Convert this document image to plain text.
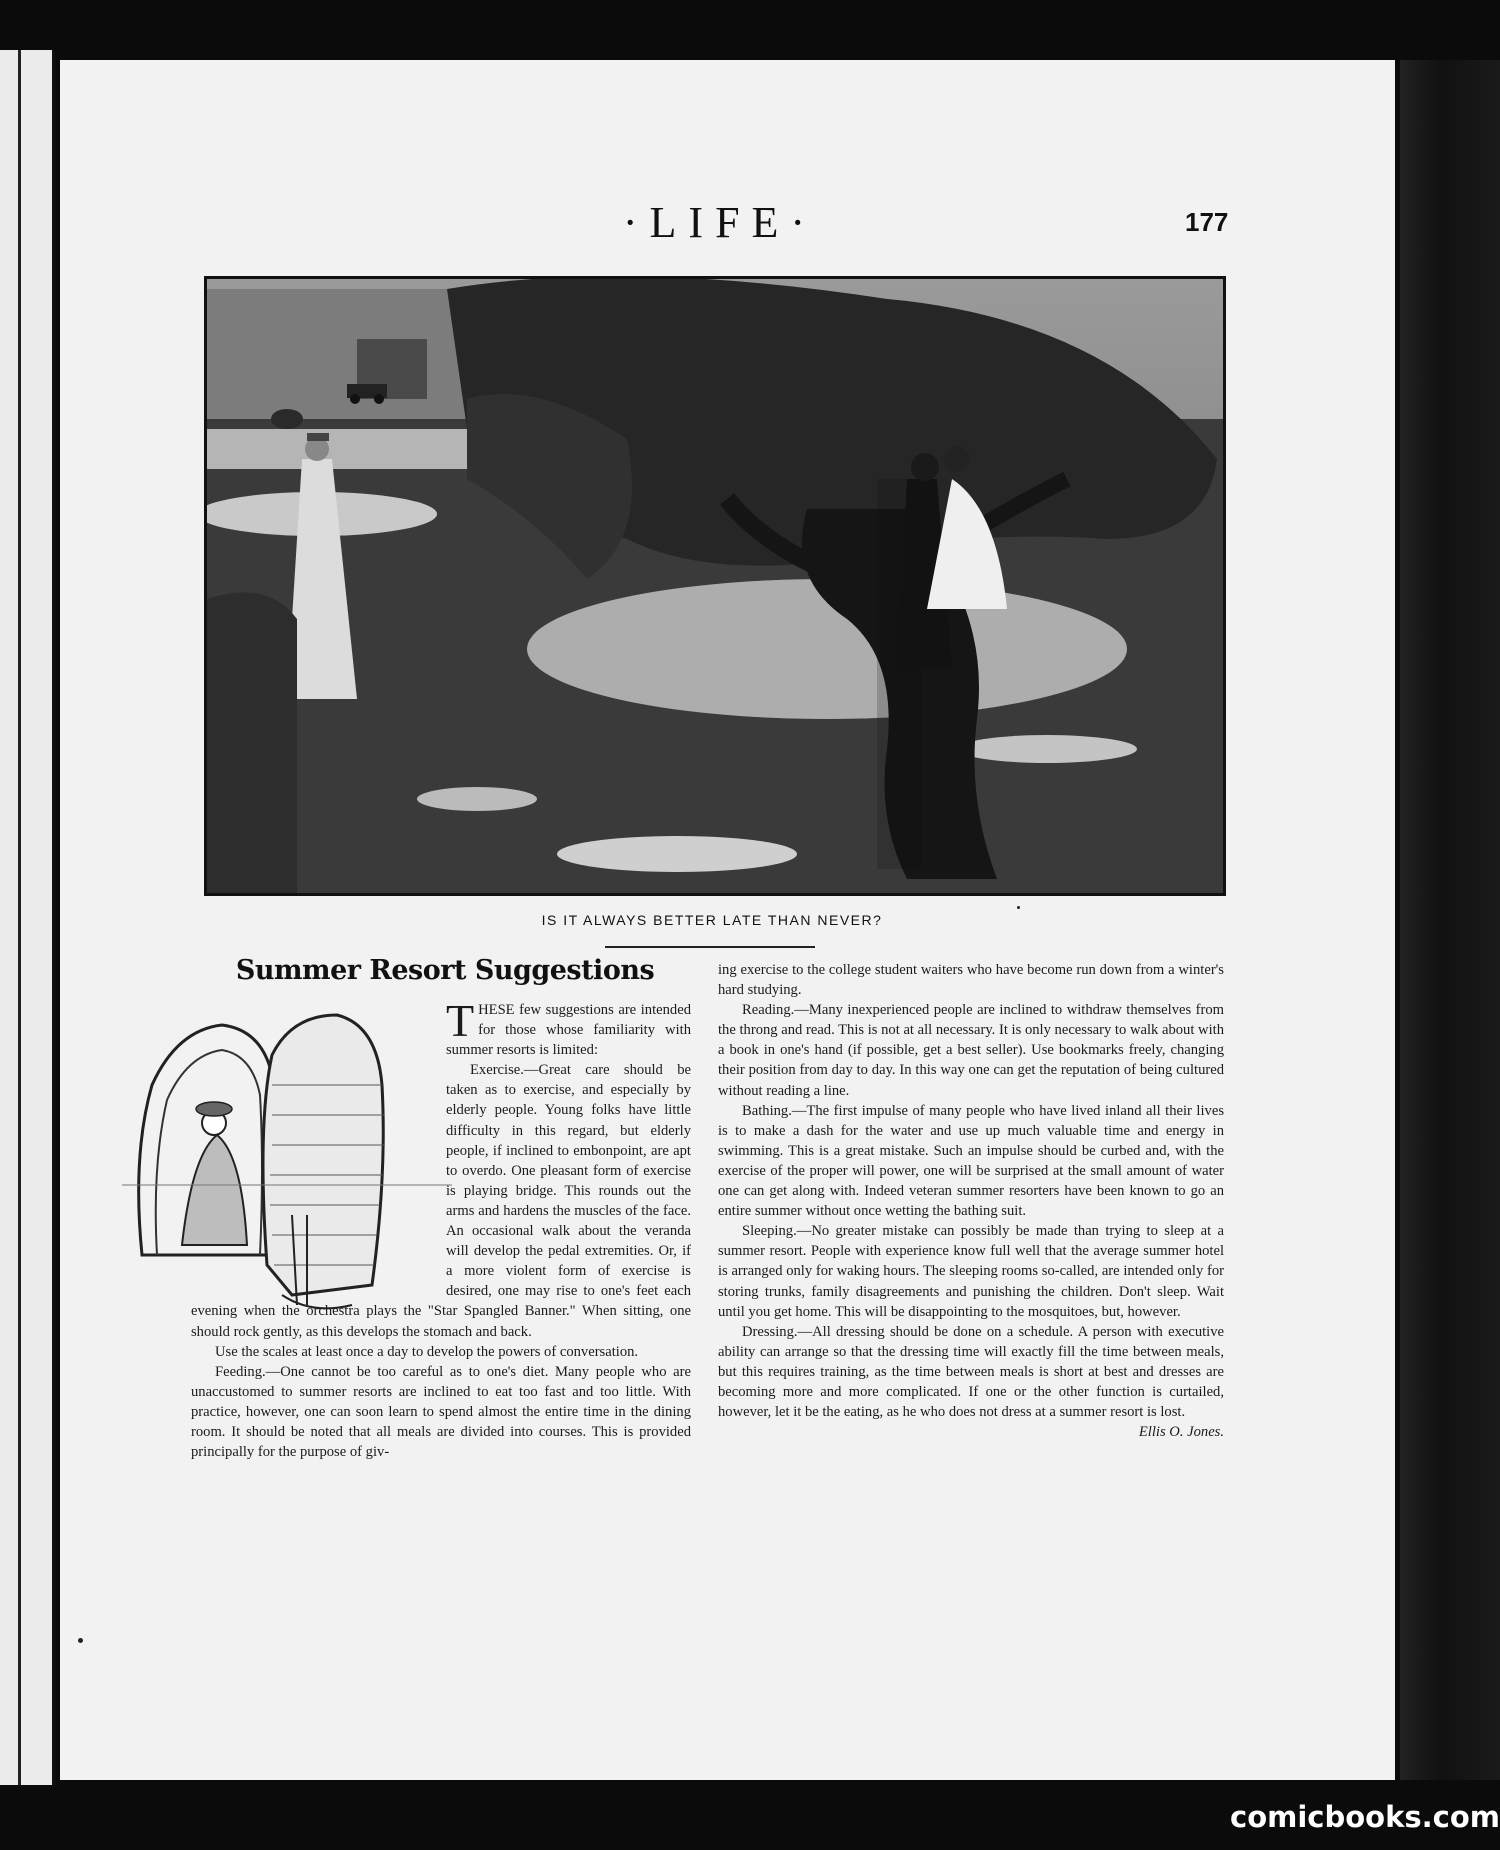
·LIFE·	177
IS IT ALWAYS BETTER LATE THAN NEVER?
Summer Resort Suggestions

THESE few suggestions are intended for those whose familiarity with summer resorts is limited:

Exercise.—Great care should be taken as to exercise, and especially by elderly people. Young folks have little difficulty in this regard, but elderly people, if inclined to embonpoint, are apt to overdo. One pleasant form of exercise is playing bridge. This rounds out the arms and hardens the muscles of the face. An occasional walk about the veranda will develop the pedal extremities. Or, if a more violent form of exercise is desired, one may rise to one's feet each evening when the orchestra plays the "Star Spangled Banner." When sitting, one should rock gently, as this develops the stomach and back.

Use the scales at least once a day to develop the powers of conversation.

Feeding.—One cannot be too careful as to one's diet. Many people who are unaccustomed to summer resorts are inclined to eat too fast and too little. With practice, however, one can soon learn to spend almost the entire time in the dining room. It should be noted that all meals are divided into courses. This is provided principally for the purpose of giv-

ing exercise to the college student waiters who have become run down from a winter's hard studying.

Reading.—Many inexperienced people are inclined to withdraw themselves from the throng and read. This is not at all necessary. It is only necessary to walk about with a book in one's hand (if possible, get a best seller). Use bookmarks freely, changing their position from day to day. In this way one can get the reputation of being cultured without reading a line.

Bathing.—The first impulse of many people who have lived inland all their lives is to make a dash for the water and use up much valuable time and energy in swimming. This is a great mistake. Such an impulse should be curbed and, with the exercise of the proper will power, one will be surprised at the small amount of water one can get along with. Indeed veteran summer resorters have been known to go an entire summer without once wetting the bathing suit.

Sleeping.—No greater mistake can possibly be made than trying to sleep at a summer resort. People with experience know full well that the average summer hotel is arranged only for waking hours. The sleeping rooms so-called, are intended only for storing trunks, family disagreements and punishing the children. Don't sleep. Wait until you get home. This will be disappointing to the mosquitoes, but, however.

Dressing.—All dressing should be done on a schedule. A person with executive ability can arrange so that the dressing time will exactly fill the time between meals, but this requires training, as the time between meals is short at best and dresses are becoming more and more complicated. If one or the other function is curtailed, however, let it be the eating, as he who does not dress at a summer resort is lost.
Ellis O. Jones.

comicbooks.com
